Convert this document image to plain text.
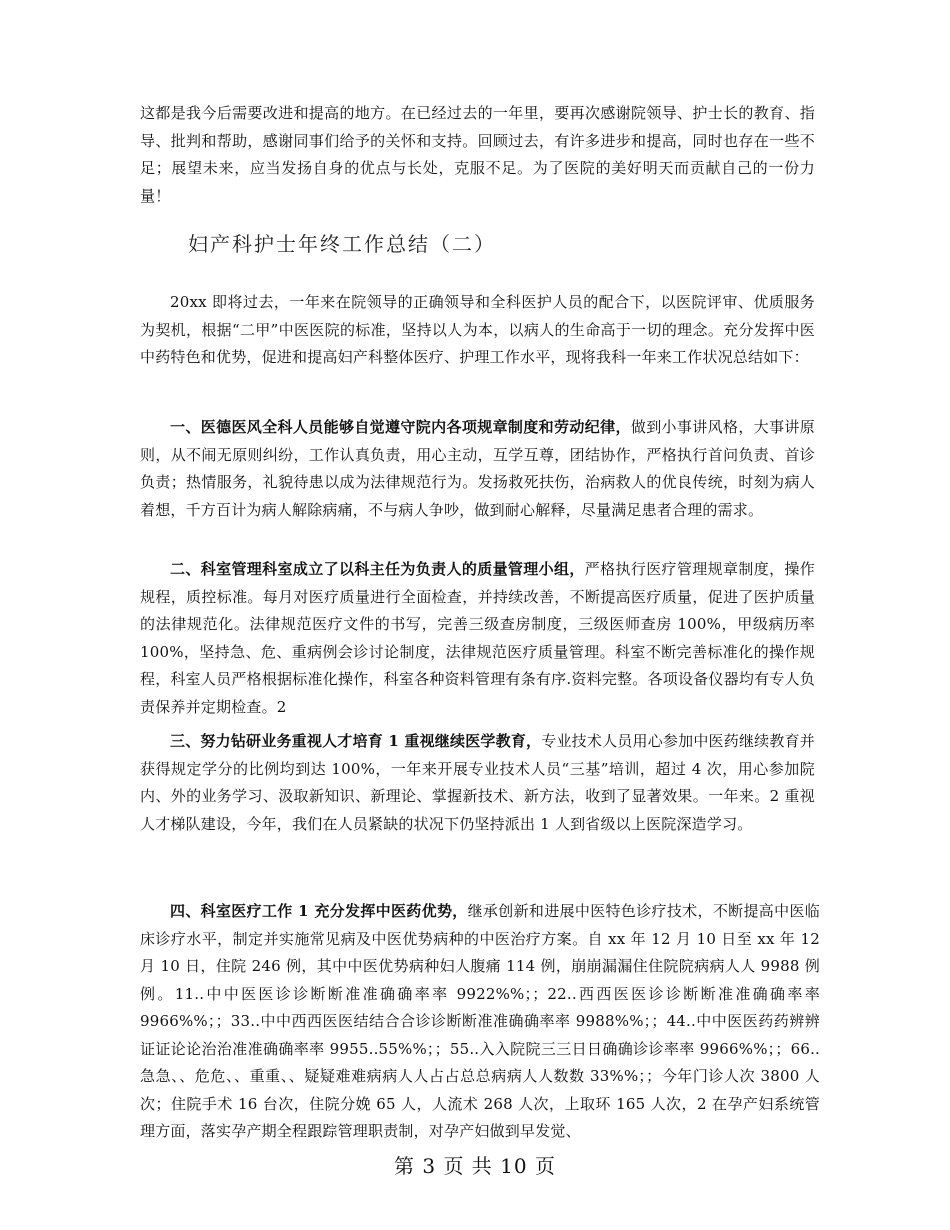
这都是我今后需要改进和提高的地方。在已经过去的一年里，要再次感谢院领导、护士长的教育、指导、批判和帮助，感谢同事们给予的关怀和支持。回顾过去，有许多进步和提高，同时也存在一些不足；展望未来，应当发扬自身的优点与长处，克服不足。为了医院的美好明天而贡献自己的一份力量！

妇产科护士年终工作总结（二）

20xx 即将过去，一年来在院领导的正确领导和全科医护人员的配合下，以医院评审、优质服务为契机，根据“二甲”中医医院的标准，坚持以人为本，以病人的生命高于一切的理念。充分发挥中医中药特色和优势，促进和提高妇产科整体医疗、护理工作水平，现将我科一年来工作状况总结如下：

一、医德医风全科人员能够自觉遵守院内各项规章制度和劳动纪律，做到小事讲风格，大事讲原则，从不闹无原则纠纷，工作认真负责，用心主动，互学互尊，团结协作，严格执行首问负责、首诊负责；热情服务，礼貌待患以成为法律规范行为。发扬救死扶伤，治病救人的优良传统，时刻为病人着想，千方百计为病人解除病痛，不与病人争吵，做到耐心解释，尽量满足患者合理的需求。

二、科室管理科室成立了以科主任为负责人的质量管理小组，严格执行医疗管理规章制度，操作规程，质控标准。每月对医疗质量进行全面检查，并持续改善，不断提高医疗质量，促进了医护质量的法律规范化。法律规范医疗文件的书写，完善三级查房制度，三级医师查房 100%，甲级病历率 100%，坚持急、危、重病例会诊讨论制度，法律规范医疗质量管理。科室不断完善标准化的操作规程，科室人员严格根据标准化操作，科室各种资料管理有条有序.资料完整。各项设备仪器均有专人负责保养并定期检查。2

三、努力钻研业务重视人才培育 1 重视继续医学教育，专业技术人员用心参加中医药继续教育并获得规定学分的比例均到达 100%，一年来开展专业技术人员“三基”培训，超过 4 次，用心参加院内、外的业务学习、汲取新知识、新理论、掌握新技术、新方法，收到了显著效果。一年来。2 重视人才梯队建设，今年，我们在人员紧缺的状况下仍坚持派出 1 人到省级以上医院深造学习。

四、科室医疗工作 1 充分发挥中医药优势，继承创新和进展中医特色诊疗技术，不断提高中医临床诊疗水平，制定并实施常见病及中医优势病种的中医治疗方案。自 xx 年 12 月 10 日至 xx 年 12 月 10 日，住院 246 例，其中中医优势病种妇人腹痛 114 例，崩崩漏漏住住院院病病人人 9988 例例。11..中中医医诊诊断断准准确确率率 9922%%；；22..西西医医诊诊断断准准确确率率 9966%%；；33..中中西西医医结结合合诊诊断断准准确确率率 9988%%；；44..中中医医药药辨辨证证论论治治准准确确率率 9955..55%%；；55..入入院院三三日日确确诊诊率率 9966%%；；66..急急、、危危、、重重、、疑疑难难病病人人占占总总病病人人数数 33%%；；今年门诊人次 3800 人次；住院手术 16 台次，住院分娩 65 人，人流术 268 人次，上取环 165 人次，2 在孕产妇系统管理方面，落实孕产期全程跟踪管理职责制，对孕产妇做到早发觉、

第 3 页 共 10 页
